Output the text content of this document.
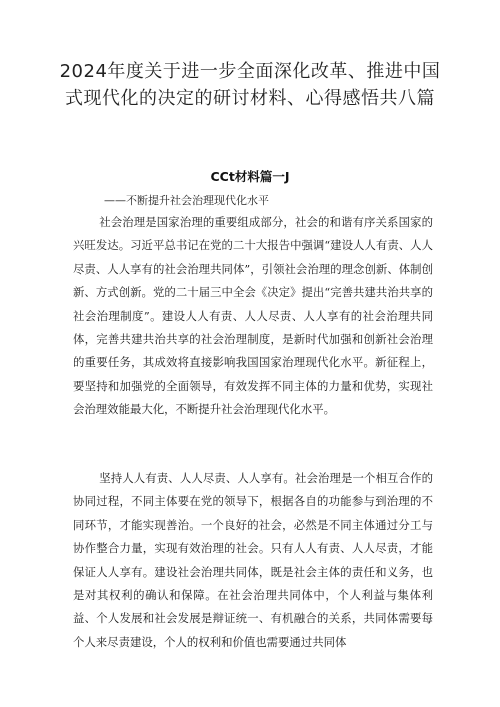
2024年度关于进一步全面深化改革、推进中国式现代化的决定的研讨材料、心得感悟共八篇
CCt材料篇一J
——不断提升社会治理现代化水平

社会治理是国家治理的重要组成部分，社会的和谐有序关系国家的兴旺发达。习近平总书记在党的二十大报告中强调“建设人人有责、人人尽责、人人享有的社会治理共同体”，引领社会治理的理念创新、体制创新、方式创新。党的二十届三中全会《决定》提出“完善共建共治共享的社会治理制度”。建设人人有责、人人尽责、人人享有的社会治理共同体，完善共建共治共享的社会治理制度，是新时代加强和创新社会治理的重要任务，其成效将直接影响我国国家治理现代化水平。新征程上，要坚持和加强党的全面领导，有效发挥不同主体的力量和优势，实现社会治理效能最大化，不断提升社会治理现代化水平。

坚持人人有责、人人尽责、人人享有。社会治理是一个相互合作的协同过程，不同主体要在党的领导下，根据各自的功能参与到治理的不同环节，才能实现善治。一个良好的社会，必然是不同主体通过分工与协作整合力量，实现有效治理的社会。只有人人有责、人人尽责，才能保证人人享有。建设社会治理共同体，既是社会主体的责任和义务，也是对其权利的确认和保障。在社会治理共同体中，个人利益与集体利益、个人发展和社会发展是辩证统一、有机融合的关系，共同体需要每个人来尽责建设，个人的权利和价值也需要通过共同体
